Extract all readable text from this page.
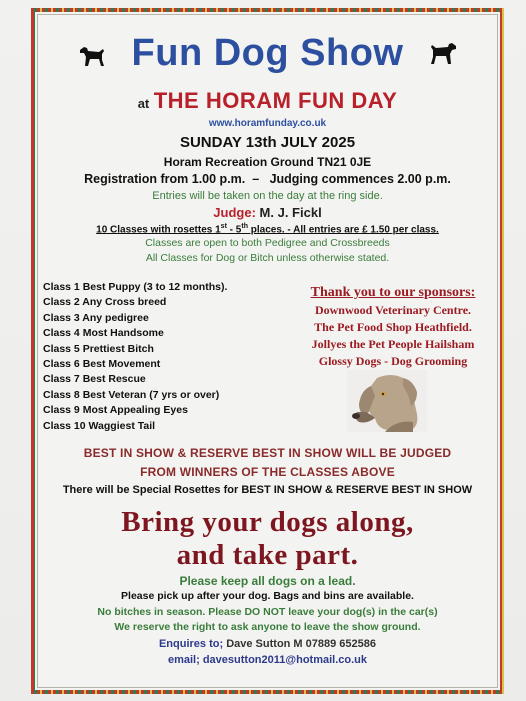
Fun Dog Show
at THE HORAM FUN DAY
www.horamfunday.co.uk
SUNDAY 13th JULY 2025
Horam Recreation Ground TN21 0JE
Registration from 1.00 p.m.  –   Judging commences 2.00 p.m.
Entries will be taken on the day at the ring side.
Judge: M. J. Fickl
10 Classes with rosettes 1st - 5th places. - All entries are £ 1.50 per class.
Classes are open to both Pedigree and Crossbreeds
All Classes for Dog or Bitch unless otherwise stated.
Class 1 Best Puppy (3 to 12 months).
Class 2 Any Cross breed
Class 3 Any pedigree
Class 4 Most Handsome
Class 5 Prettiest Bitch
Class 6 Best Movement
Class 7 Best Rescue
Class 8 Best Veteran (7 yrs or over)
Class 9 Most Appealing Eyes
Class 10 Waggiest Tail
Thank you to our sponsors:
Downwood Veterinary Centre.
The Pet Food Shop Heathfield.
Jollyes the Pet People Hailsham
Glossy Dogs - Dog Grooming
BEST IN SHOW & RESERVE BEST IN SHOW WILL BE JUDGED
FROM WINNERS OF THE CLASSES ABOVE
There will be Special Rosettes for BEST IN SHOW & RESERVE BEST IN SHOW
Bring your dogs along,
and take part.
Please keep all dogs on a lead.
Please pick up after your dog. Bags and bins are available.
No bitches in season. Please DO NOT leave your dog(s) in the car(s)
We reserve the right to ask anyone to leave the show ground.
Enquires to; Dave Sutton M 07889 652586
email; davesutton2011@hotmail.co.uk
